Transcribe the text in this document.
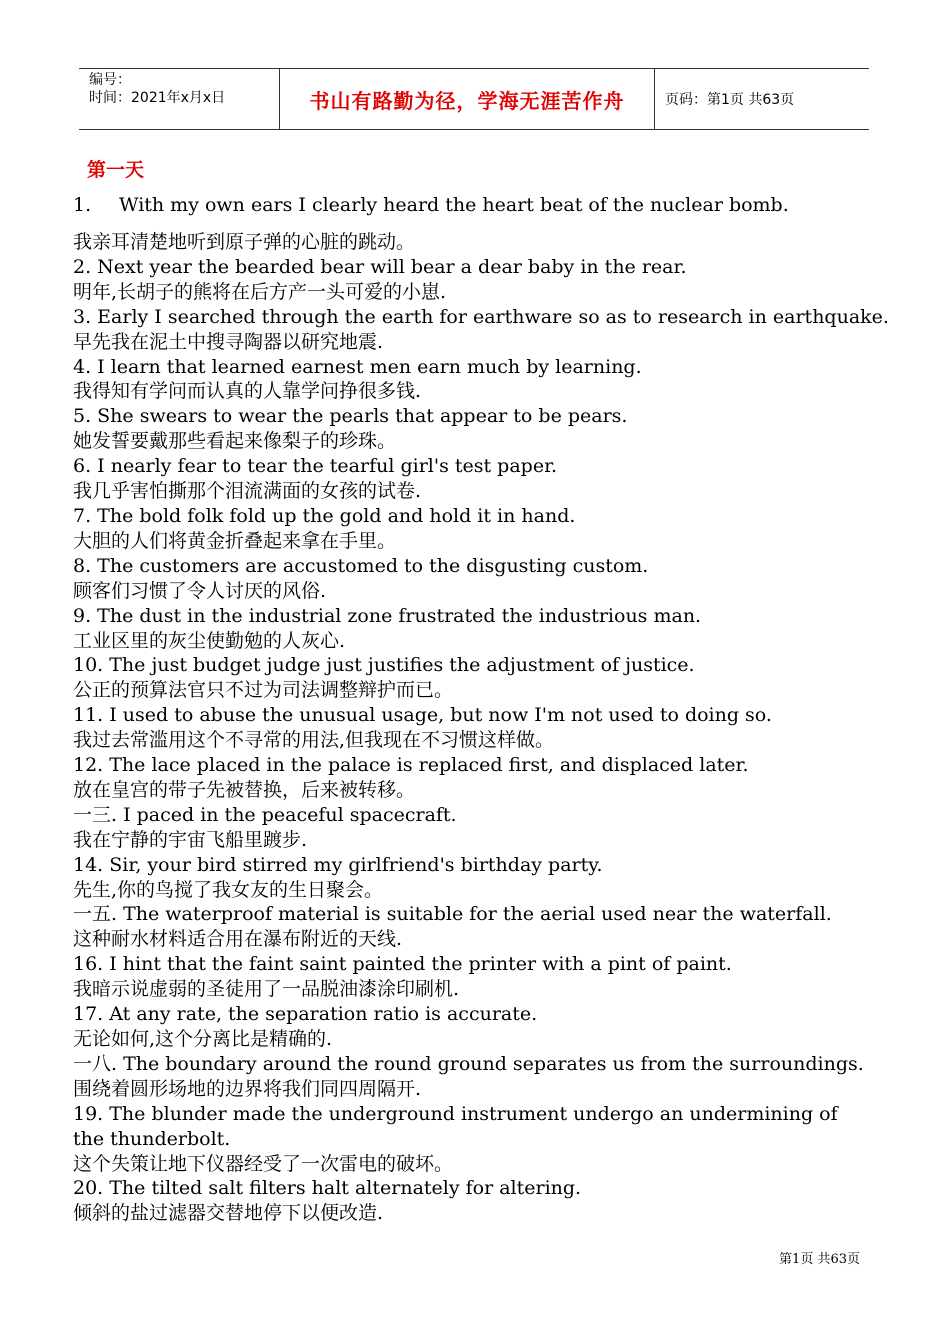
编号：
时间：2021年x月x日	书山有路勤为径，学海无涯苦作舟	页码：第1页 共63页
第一天
1.	With my own ears I clearly heard the heart beat of the nuclear bomb.
我亲耳清楚地听到原子弹的心脏的跳动。
2. Next year the bearded bear will bear a dear baby in the rear.
明年,长胡子的熊将在后方产一头可爱的小崽.
3. Early I searched through the earth for earthware so as to research in earthquake.
早先我在泥土中搜寻陶器以研究地震.
4. I learn that learned earnest men earn much by learning.
我得知有学问而认真的人靠学问挣很多钱.
5. She swears to wear the pearls that appear to be pears.
她发誓要戴那些看起来像梨子的珍珠。
6. I nearly fear to tear the tearful girl's test paper.
我几乎害怕撕那个泪流满面的女孩的试卷.
7. The bold folk fold up the gold and hold it in hand.
大胆的人们将黄金折叠起来拿在手里。
8. The customers are accustomed to the disgusting custom.
顾客们习惯了令人讨厌的风俗.
9. The dust in the industrial zone frustrated the industrious man.
工业区里的灰尘使勤勉的人灰心.
10. The just budget judge just justifies the adjustment of justice.
公正的预算法官只不过为司法调整辩护而已。
11. I used to abuse the unusual usage, but now I'm not used to doing so.
我过去常滥用这个不寻常的用法,但我现在不习惯这样做。
12. The lace placed in the palace is replaced first, and displaced later.
放在皇宫的带子先被替换，后来被转移。
一三. I paced in the peaceful spacecraft.
我在宁静的宇宙飞船里踱步.
14. Sir, your bird stirred my girlfriend's birthday party.
先生,你的鸟搅了我女友的生日聚会。
一五. The waterproof material is suitable for the aerial used near the waterfall.
这种耐水材料适合用在瀑布附近的天线.
16. I hint that the faint saint painted the printer with a pint of paint.
我暗示说虚弱的圣徒用了一品脱油漆涂印刷机.
17. At any rate, the separation ratio is accurate.
无论如何,这个分离比是精确的.
一八. The boundary around the round ground separates us from the surroundings.
围绕着圆形场地的边界将我们同四周隔开.
19. The blunder made the underground instrument undergo an undermining of the thunderbolt.
这个失策让地下仪器经受了一次雷电的破坏。
20. The tilted salt filters halt alternately for altering.
倾斜的盐过滤器交替地停下以便改造.
第1页 共63页
